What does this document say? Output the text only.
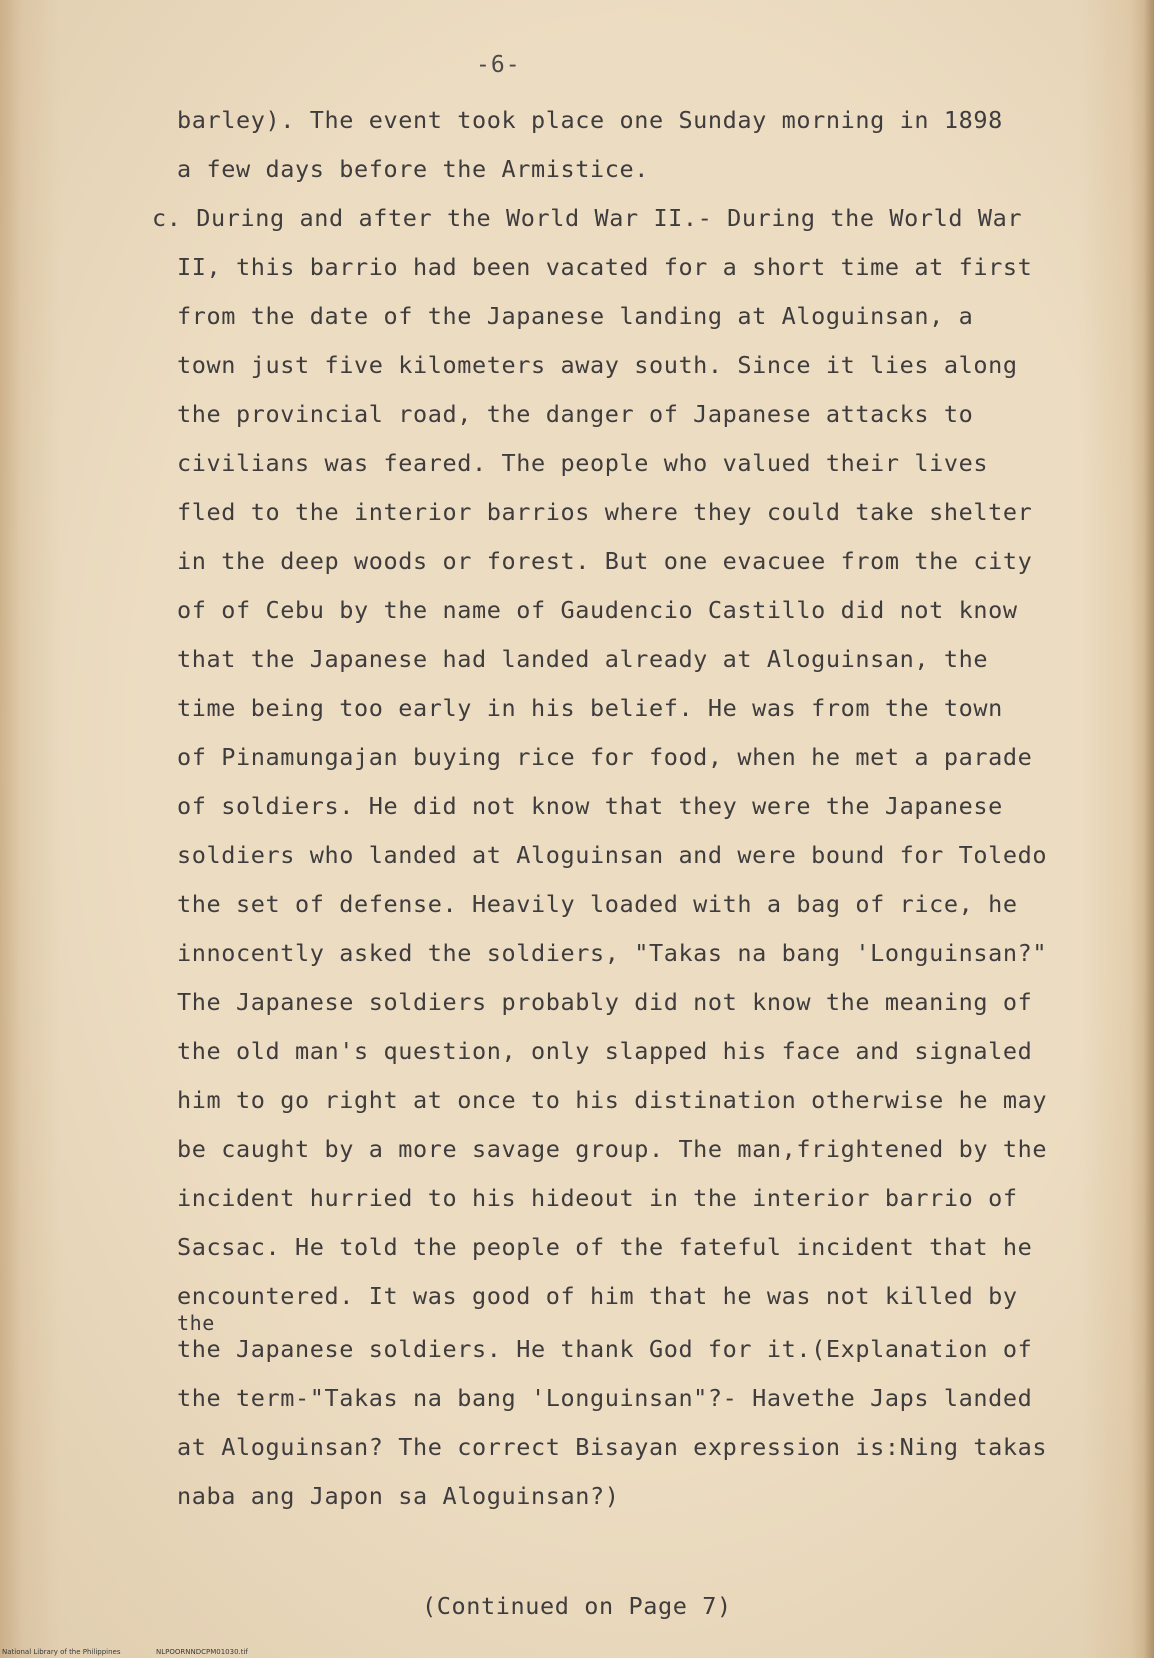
-6-
barley). The event took place one Sunday morning in 1898
a few days before the Armistice.
c. During and after the World War II.- During the World War
II, this barrio had been vacated for a short time at first
from the date of the Japanese landing at Aloguinsan, a
town just five kilometers away south. Since it lies along
the provincial road, the danger of Japanese attacks to
civilians was feared. The people who valued their lives
fled to the interior barrios where they could take shelter
in the deep woods or forest. But one evacuee from the city
of of Cebu by the name of Gaudencio Castillo did not know
that the Japanese had landed already at Aloguinsan, the
time being too early in his belief. He was from the town
of Pinamungajan buying rice for food, when he met a parade
of soldiers. He did not know that they were the Japanese
soldiers who landed at Aloguinsan and were bound for Toledo
the set of defense. Heavily loaded with a bag of rice, he
innocently asked the soldiers, "Takas na bang 'Longuinsan?"
The Japanese soldiers probably did not know the meaning of
the old man's question, only slapped his face and signaled
him to go right at once to his distination otherwise he may
be caught by a more savage group. The man,frightened by the
incident hurried to his hideout in the interior barrio of
Sacsac. He told the people of the fateful incident that he
encountered. It was good of him that he was not killed by
the
the Japanese soldiers. He thank God for it.(Explanation of
the term-"Takas na bang 'Longuinsan"?- Havethe Japs landed
at Aloguinsan? The correct Bisayan expression is:Ning takas
naba ang Japon sa Aloguinsan?)
(Continued on Page 7)
National Library of the Philippines	NLPOORNNDCPM01030.tif
